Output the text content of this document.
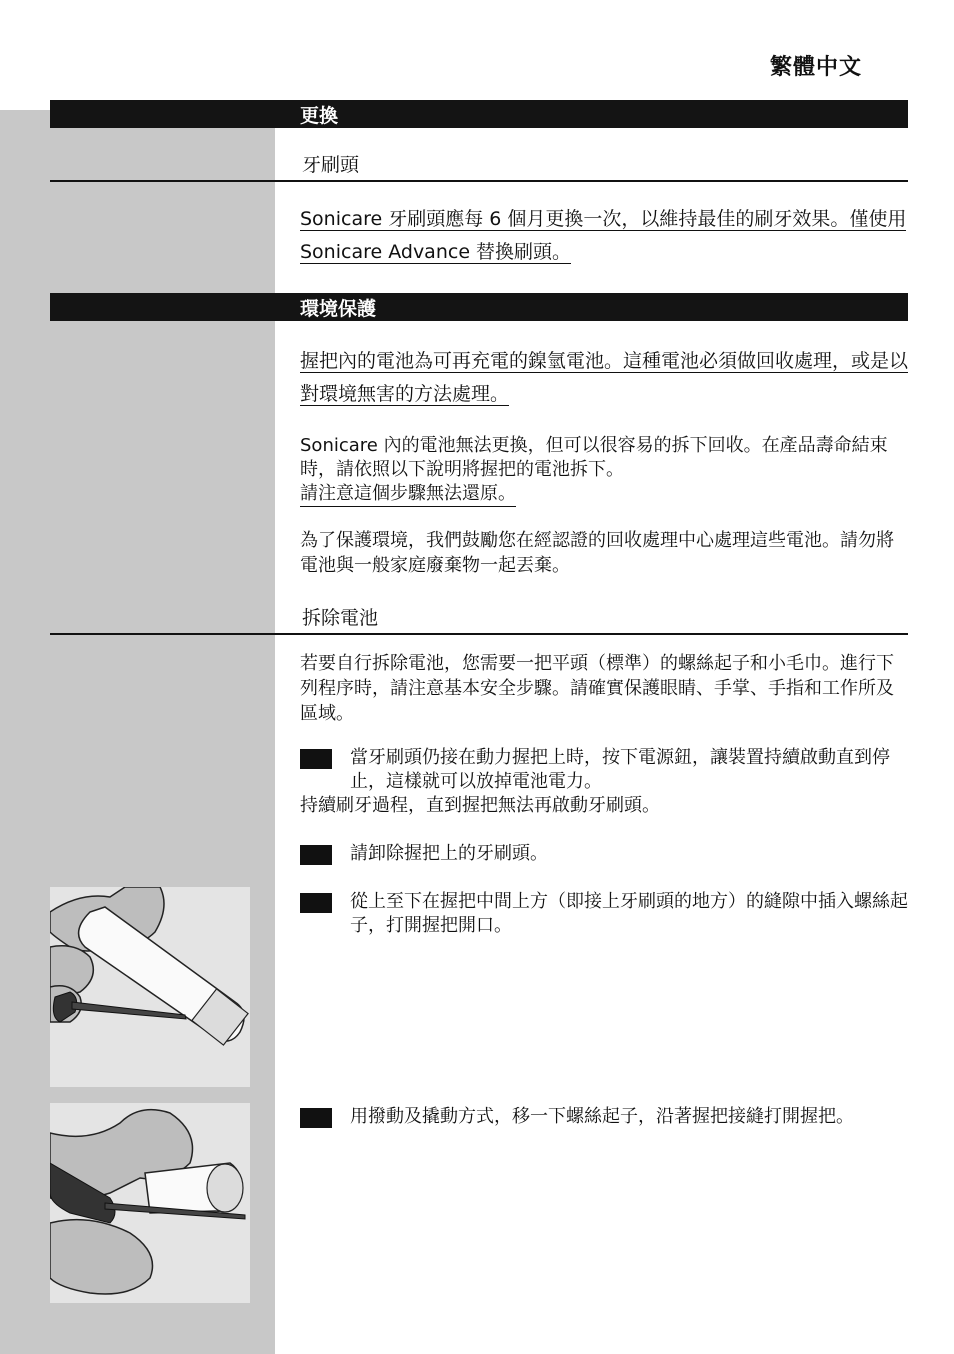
繁體中文
更換
牙刷頭
Sonicare 牙刷頭應每 6 個月更換一次，以維持最佳的刷牙效果。僅使用 Sonicare Advance 替換刷頭。
環境保護
握把內的電池為可再充電的鎳氫電池。這種電池必須做回收處理，或是以對環境無害的方法處理。
Sonicare 內的電池無法更換，但可以很容易的拆下回收。在產品壽命結束時，請依照以下說明將握把的電池拆下。
請注意這個步驟無法還原。
為了保護環境，我們鼓勵您在經認證的回收處理中心處理這些電池。請勿將電池與一般家庭廢棄物一起丟棄。
拆除電池
若要自行拆除電池，您需要一把平頭（標準）的螺絲起子和小毛巾。進行下列程序時，請注意基本安全步驟。請確實保護眼睛、手掌、手指和工作所及區域。
當牙刷頭仍接在動力握把上時，按下電源鈕，讓裝置持續啟動直到停止，這樣就可以放掉電池電力。
持續刷牙過程，直到握把無法再啟動牙刷頭。
請卸除握把上的牙刷頭。
從上至下在握把中間上方（即接上牙刷頭的地方）的縫隙中插入螺絲起子，打開握把開口。
用撥動及撬動方式，移一下螺絲起子，沿著握把接縫打開握把。
